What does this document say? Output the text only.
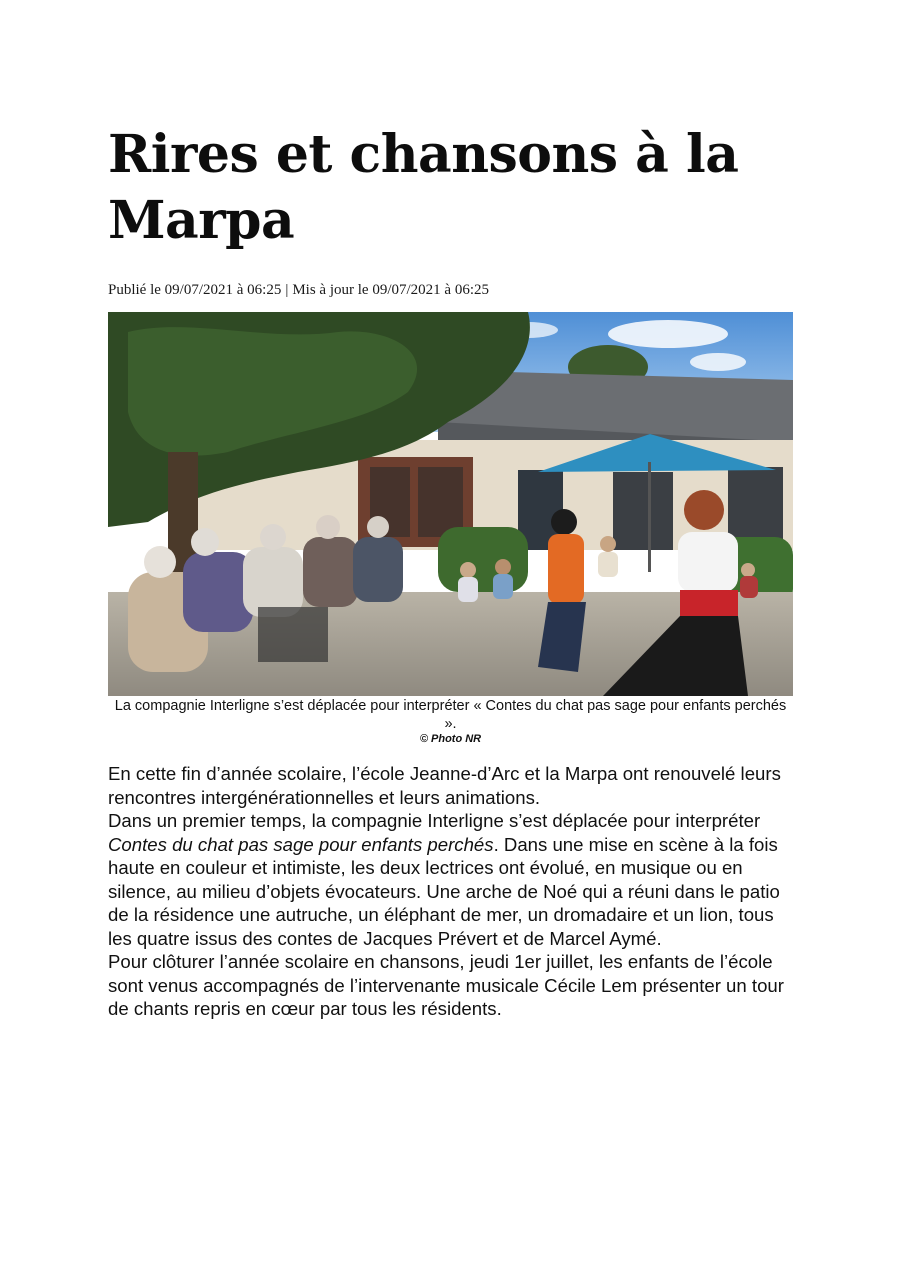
Rires et chansons à la Marpa
Publié le 09/07/2021 à 06:25 | Mis à jour le 09/07/2021 à 06:25
La compagnie Interligne s’est déplacée pour interpréter « Contes du chat pas sage pour enfants perchés ».
© Photo NR

En cette fin d’année scolaire, l’école Jeanne-d’Arc et la Marpa ont renouvelé leurs rencontres intergénérationnelles et leurs animations.

Dans un premier temps, la compagnie Interligne s’est déplacée pour interpréter Contes du chat pas sage pour enfants perchés. Dans une mise en scène à la fois haute en couleur et intimiste, les deux lectrices ont évolué, en musique ou en silence, au milieu d’objets évocateurs. Une arche de Noé qui a réuni dans le patio de la résidence une autruche, un éléphant de mer, un dromadaire et un lion, tous les quatre issus des contes de Jacques Prévert et de Marcel Aymé.

Pour clôturer l’année scolaire en chansons, jeudi 1er juillet, les enfants de l’école sont venus accompagnés de l’intervenante musicale Cécile Lem présenter un tour de chants repris en cœur par tous les résidents.
